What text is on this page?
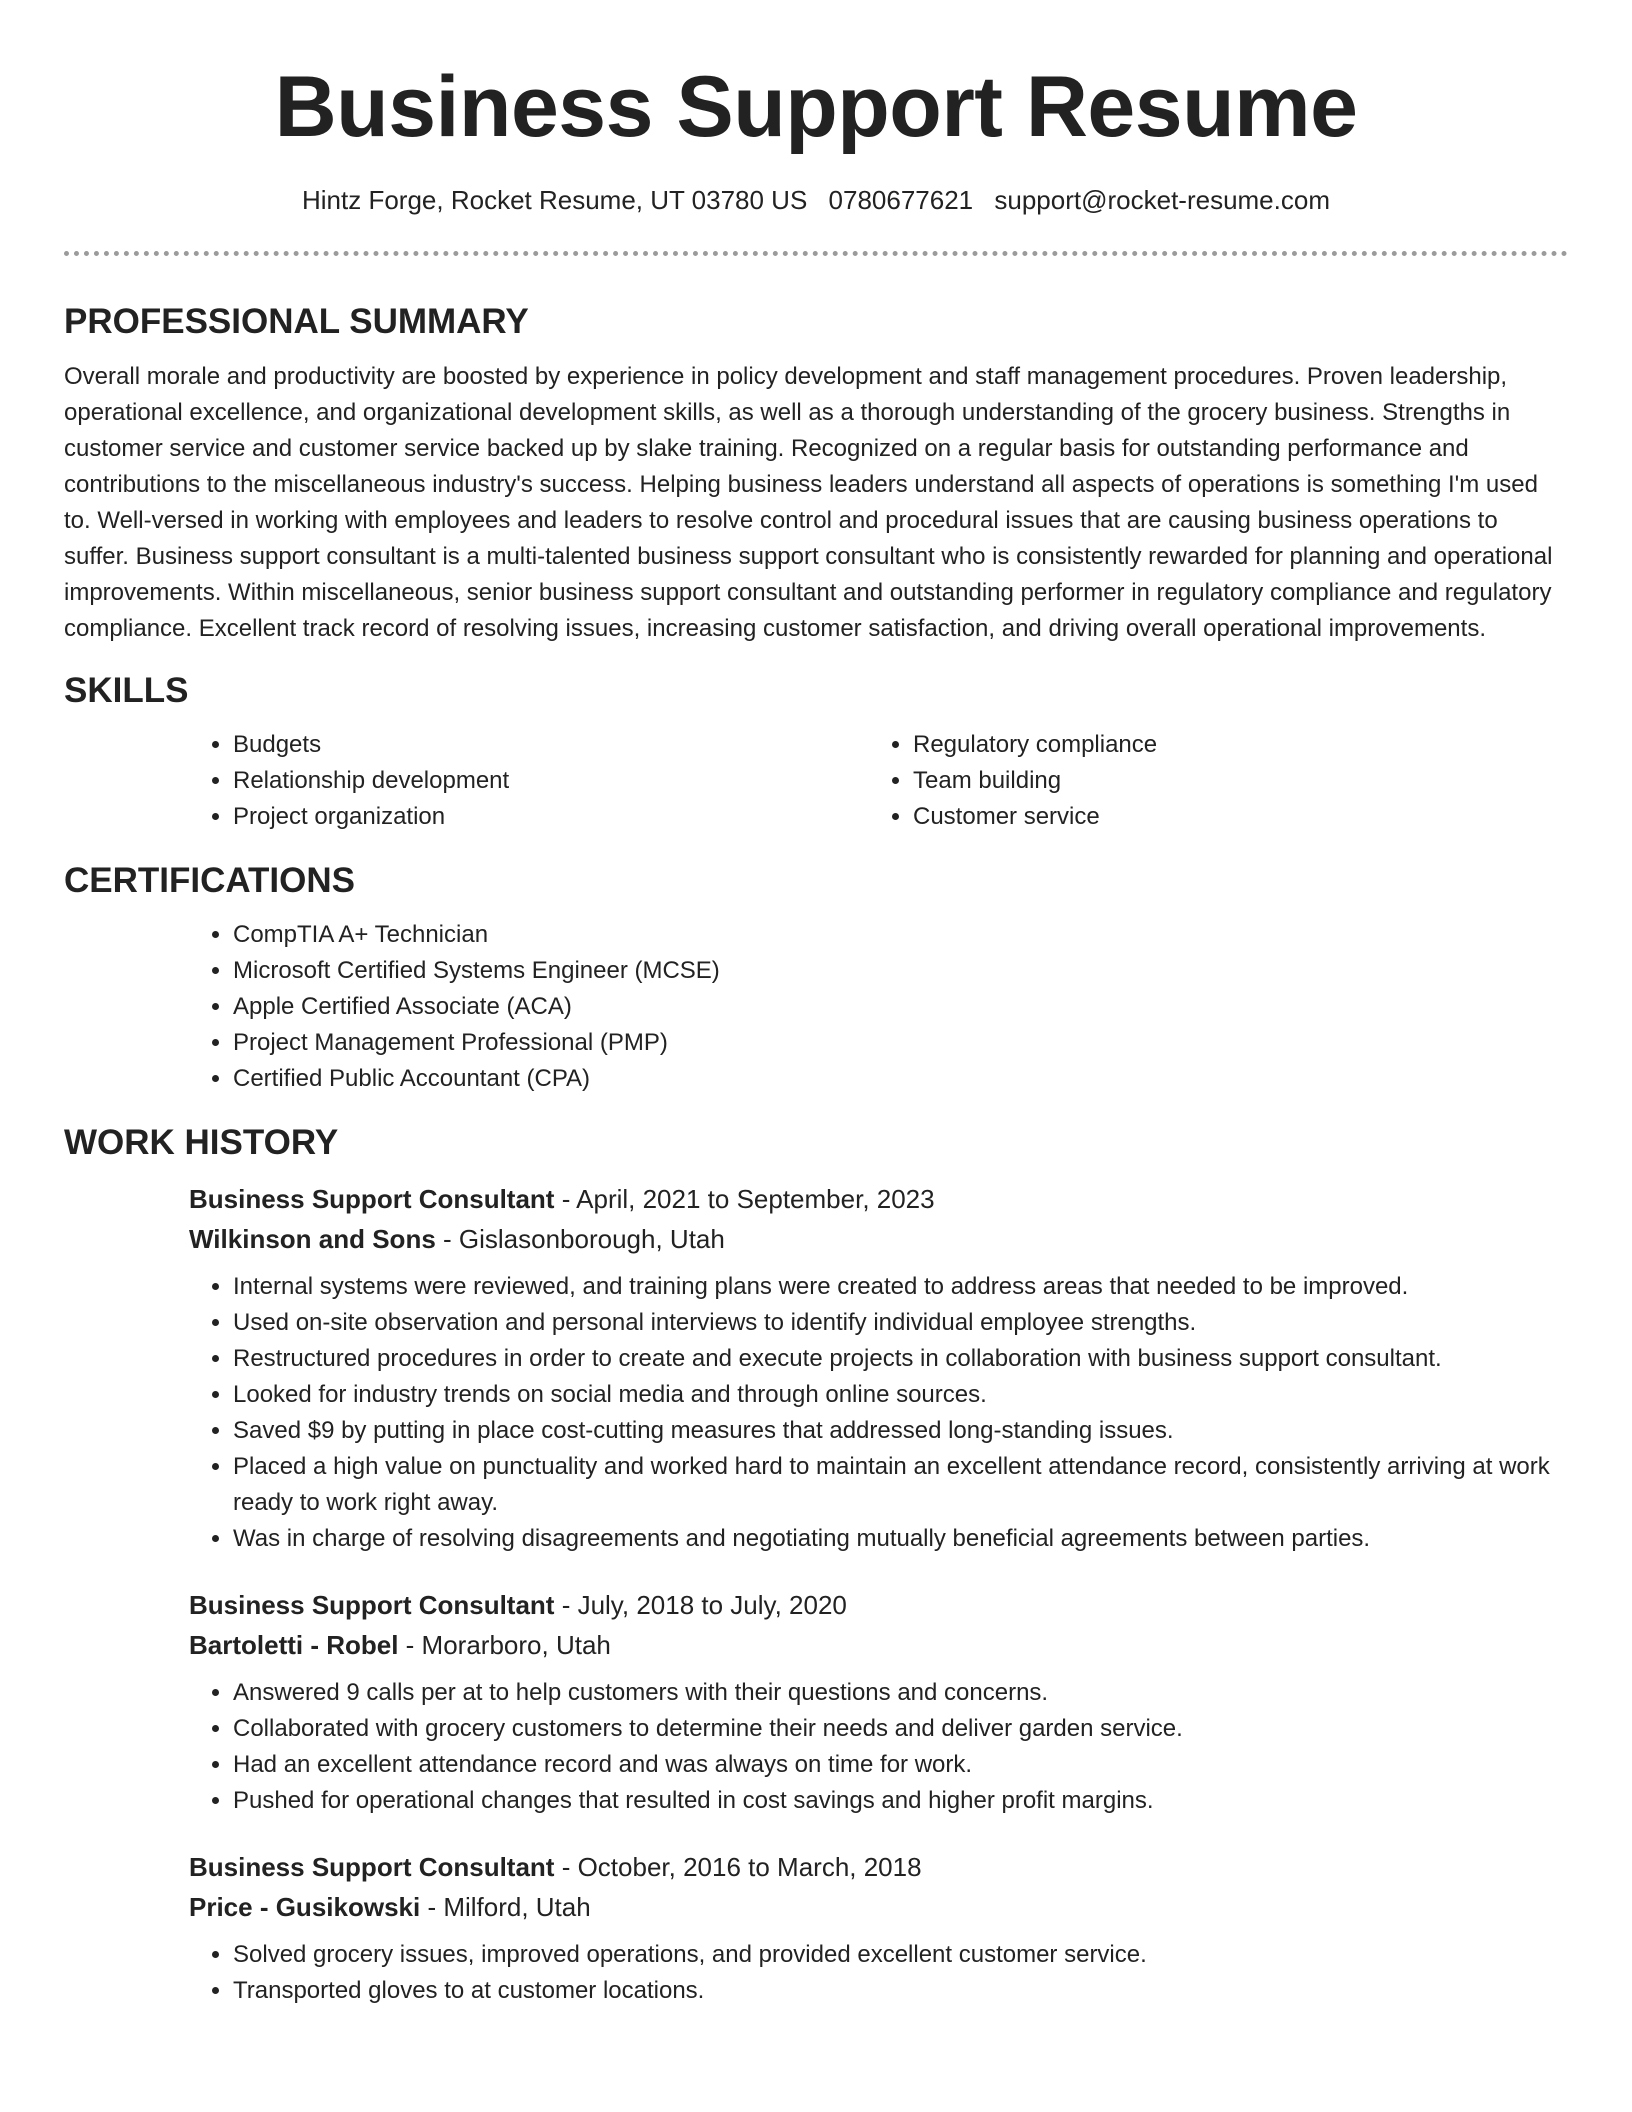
Business Support Resume
Hintz Forge, Rocket Resume, UT 03780 US 0780677621 support@rocket-resume.com
PROFESSIONAL SUMMARY

Overall morale and productivity are boosted by experience in policy development and staff management procedures. Proven leadership, operational excellence, and organizational development skills, as well as a thorough understanding of the grocery business. Strengths in customer service and customer service backed up by slake training. Recognized on a regular basis for outstanding performance and contributions to the miscellaneous industry's success. Helping business leaders understand all aspects of operations is something I'm used to. Well-versed in working with employees and leaders to resolve control and procedural issues that are causing business operations to suffer. Business support consultant is a multi-talented business support consultant who is consistently rewarded for planning and operational improvements. Within miscellaneous, senior business support consultant and outstanding performer in regulatory compliance and regulatory compliance. Excellent track record of resolving issues, increasing customer satisfaction, and driving overall operational improvements.

SKILLS
• Budgets
• Relationship development
• Project organization
• Regulatory compliance
• Team building
• Customer service
CERTIFICATIONS
• CompTIA A+ Technician
• Microsoft Certified Systems Engineer (MCSE)
• Apple Certified Associate (ACA)
• Project Management Professional (PMP)
• Certified Public Accountant (CPA)
WORK HISTORY
Business Support Consultant - April, 2021 to September, 2023
Wilkinson and Sons - Gislasonborough, Utah
• Internal systems were reviewed, and training plans were created to address areas that needed to be improved.
• Used on-site observation and personal interviews to identify individual employee strengths.
• Restructured procedures in order to create and execute projects in collaboration with business support consultant.
• Looked for industry trends on social media and through online sources.
• Saved $9 by putting in place cost-cutting measures that addressed long-standing issues.
• Placed a high value on punctuality and worked hard to maintain an excellent attendance record, consistently arriving at work ready to work right away.
• Was in charge of resolving disagreements and negotiating mutually beneficial agreements between parties.
Business Support Consultant - July, 2018 to July, 2020
Bartoletti - Robel - Morarboro, Utah
• Answered 9 calls per at to help customers with their questions and concerns.
• Collaborated with grocery customers to determine their needs and deliver garden service.
• Had an excellent attendance record and was always on time for work.
• Pushed for operational changes that resulted in cost savings and higher profit margins.
Business Support Consultant - October, 2016 to March, 2018
Price - Gusikowski - Milford, Utah
• Solved grocery issues, improved operations, and provided excellent customer service.
• Transported gloves to at customer locations.
